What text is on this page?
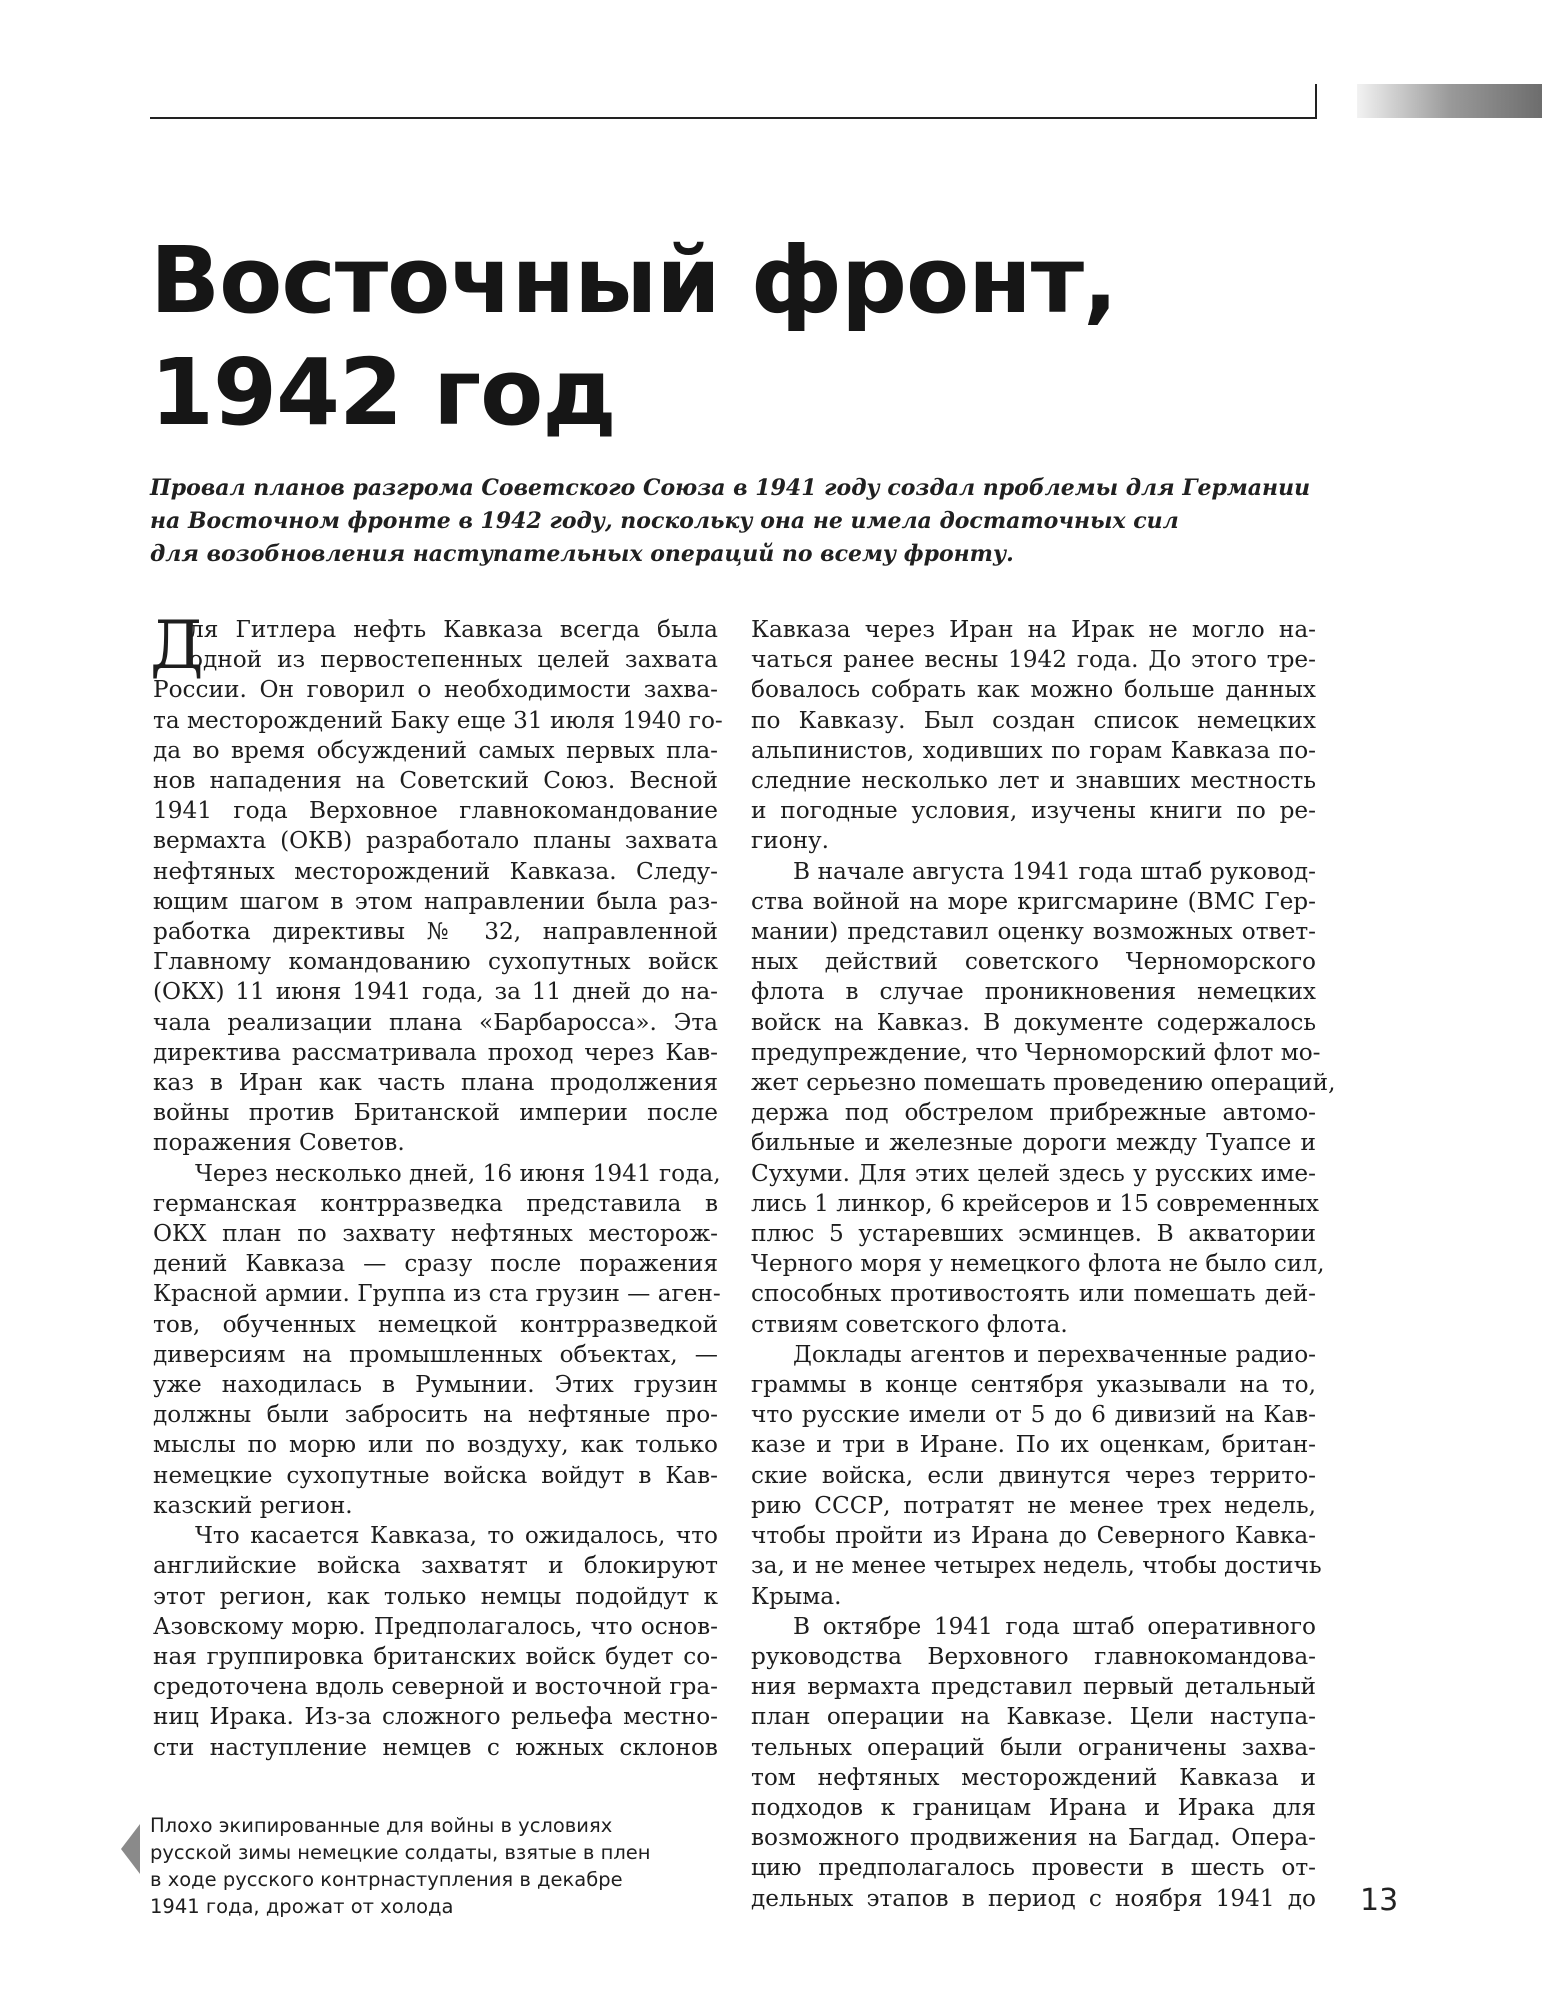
Восточный фронт,
1942 год

Провал планов разгрома Советского Союза в 1941 году создал проблемы для Германии
на Восточном фронте в 1942 году, поскольку она не имела достаточных сил
для возобновления наступательных операций по всему фронту.

Д
ля Гитлера нефть Кавказа всегда была
одной из первостепенных целей захвата
России. Он говорил о необходимости захва-
та месторождений Баку еще 31 июля 1940 го-
да во время обсуждений самых первых пла-
нов нападения на Советский Союз. Весной
1941 года Верховное главнокомандование
вермахта (ОКВ) разработало планы захвата
нефтяных месторождений Кавказа. Следу-
ющим шагом в этом направлении была раз-
работка директивы № 32, направленной
Главному командованию сухопутных войск
(ОКХ) 11 июня 1941 года, за 11 дней до на-
чала реализации плана «Барбаросса». Эта
директива рассматривала проход через Кав-
каз в Иран как часть плана продолжения
войны против Британской империи после
поражения Советов.
Через несколько дней, 16 июня 1941 года,
германская контрразведка представила в
ОКХ план по захвату нефтяных месторож-
дений Кавказа — сразу после поражения
Красной армии. Группа из ста грузин — аген-
тов, обученных немецкой контрразведкой
диверсиям на промышленных объектах, —
уже находилась в Румынии. Этих грузин
должны были забросить на нефтяные про-
мыслы по морю или по воздуху, как только
немецкие сухопутные войска войдут в Кав-
казский регион.
Что касается Кавказа, то ожидалось, что
английские войска захватят и блокируют
этот регион, как только немцы подойдут к
Азовскому морю. Предполагалось, что основ-
ная группировка британских войск будет со-
средоточена вдоль северной и восточной гра-
ниц Ирака. Из-за сложного рельефа местно-
сти наступление немцев с южных склонов
Кавказа через Иран на Ирак не могло на-
чаться ранее весны 1942 года. До этого тре-
бовалось собрать как можно больше данных
по Кавказу. Был создан список немецких
альпинистов, ходивших по горам Кавказа по-
следние несколько лет и знавших местность
и погодные условия, изучены книги по ре-
гиону.
В начале августа 1941 года штаб руковод-
ства войной на море кригсмарине (ВМС Гер-
мании) представил оценку возможных ответ-
ных действий советского Черноморского
флота в случае проникновения немецких
войск на Кавказ. В документе содержалось
предупреждение, что Черноморский флот мо-
жет серьезно помешать проведению операций,
держа под обстрелом прибрежные автомо-
бильные и железные дороги между Туапсе и
Сухуми. Для этих целей здесь у русских име-
лись 1 линкор, 6 крейсеров и 15 современных
плюс 5 устаревших эсминцев. В акватории
Черного моря у немецкого флота не было сил,
способных противостоять или помешать дей-
ствиям советского флота.
Доклады агентов и перехваченные радио-
граммы в конце сентября указывали на то,
что русские имели от 5 до 6 дивизий на Кав-
казе и три в Иране. По их оценкам, британ-
ские войска, если двинутся через террито-
рию СССР, потратят не менее трех недель,
чтобы пройти из Ирана до Северного Кавка-
за, и не менее четырех недель, чтобы достичь
Крыма.
В октябре 1941 года штаб оперативного
руководства Верховного главнокомандова-
ния вермахта представил первый детальный
план операции на Кавказе. Цели наступа-
тельных операций были ограничены захва-
том нефтяных месторождений Кавказа и
подходов к границам Ирана и Ирака для
возможного продвижения на Багдад. Опера-
цию предполагалось провести в шесть от-
дельных этапов в период с ноября 1941 до
Плохо экипированные для войны в условиях
русской зимы немецкие солдаты, взятые в плен
в ходе русского контрнаступления в декабре
1941 года, дрожат от холода	13
